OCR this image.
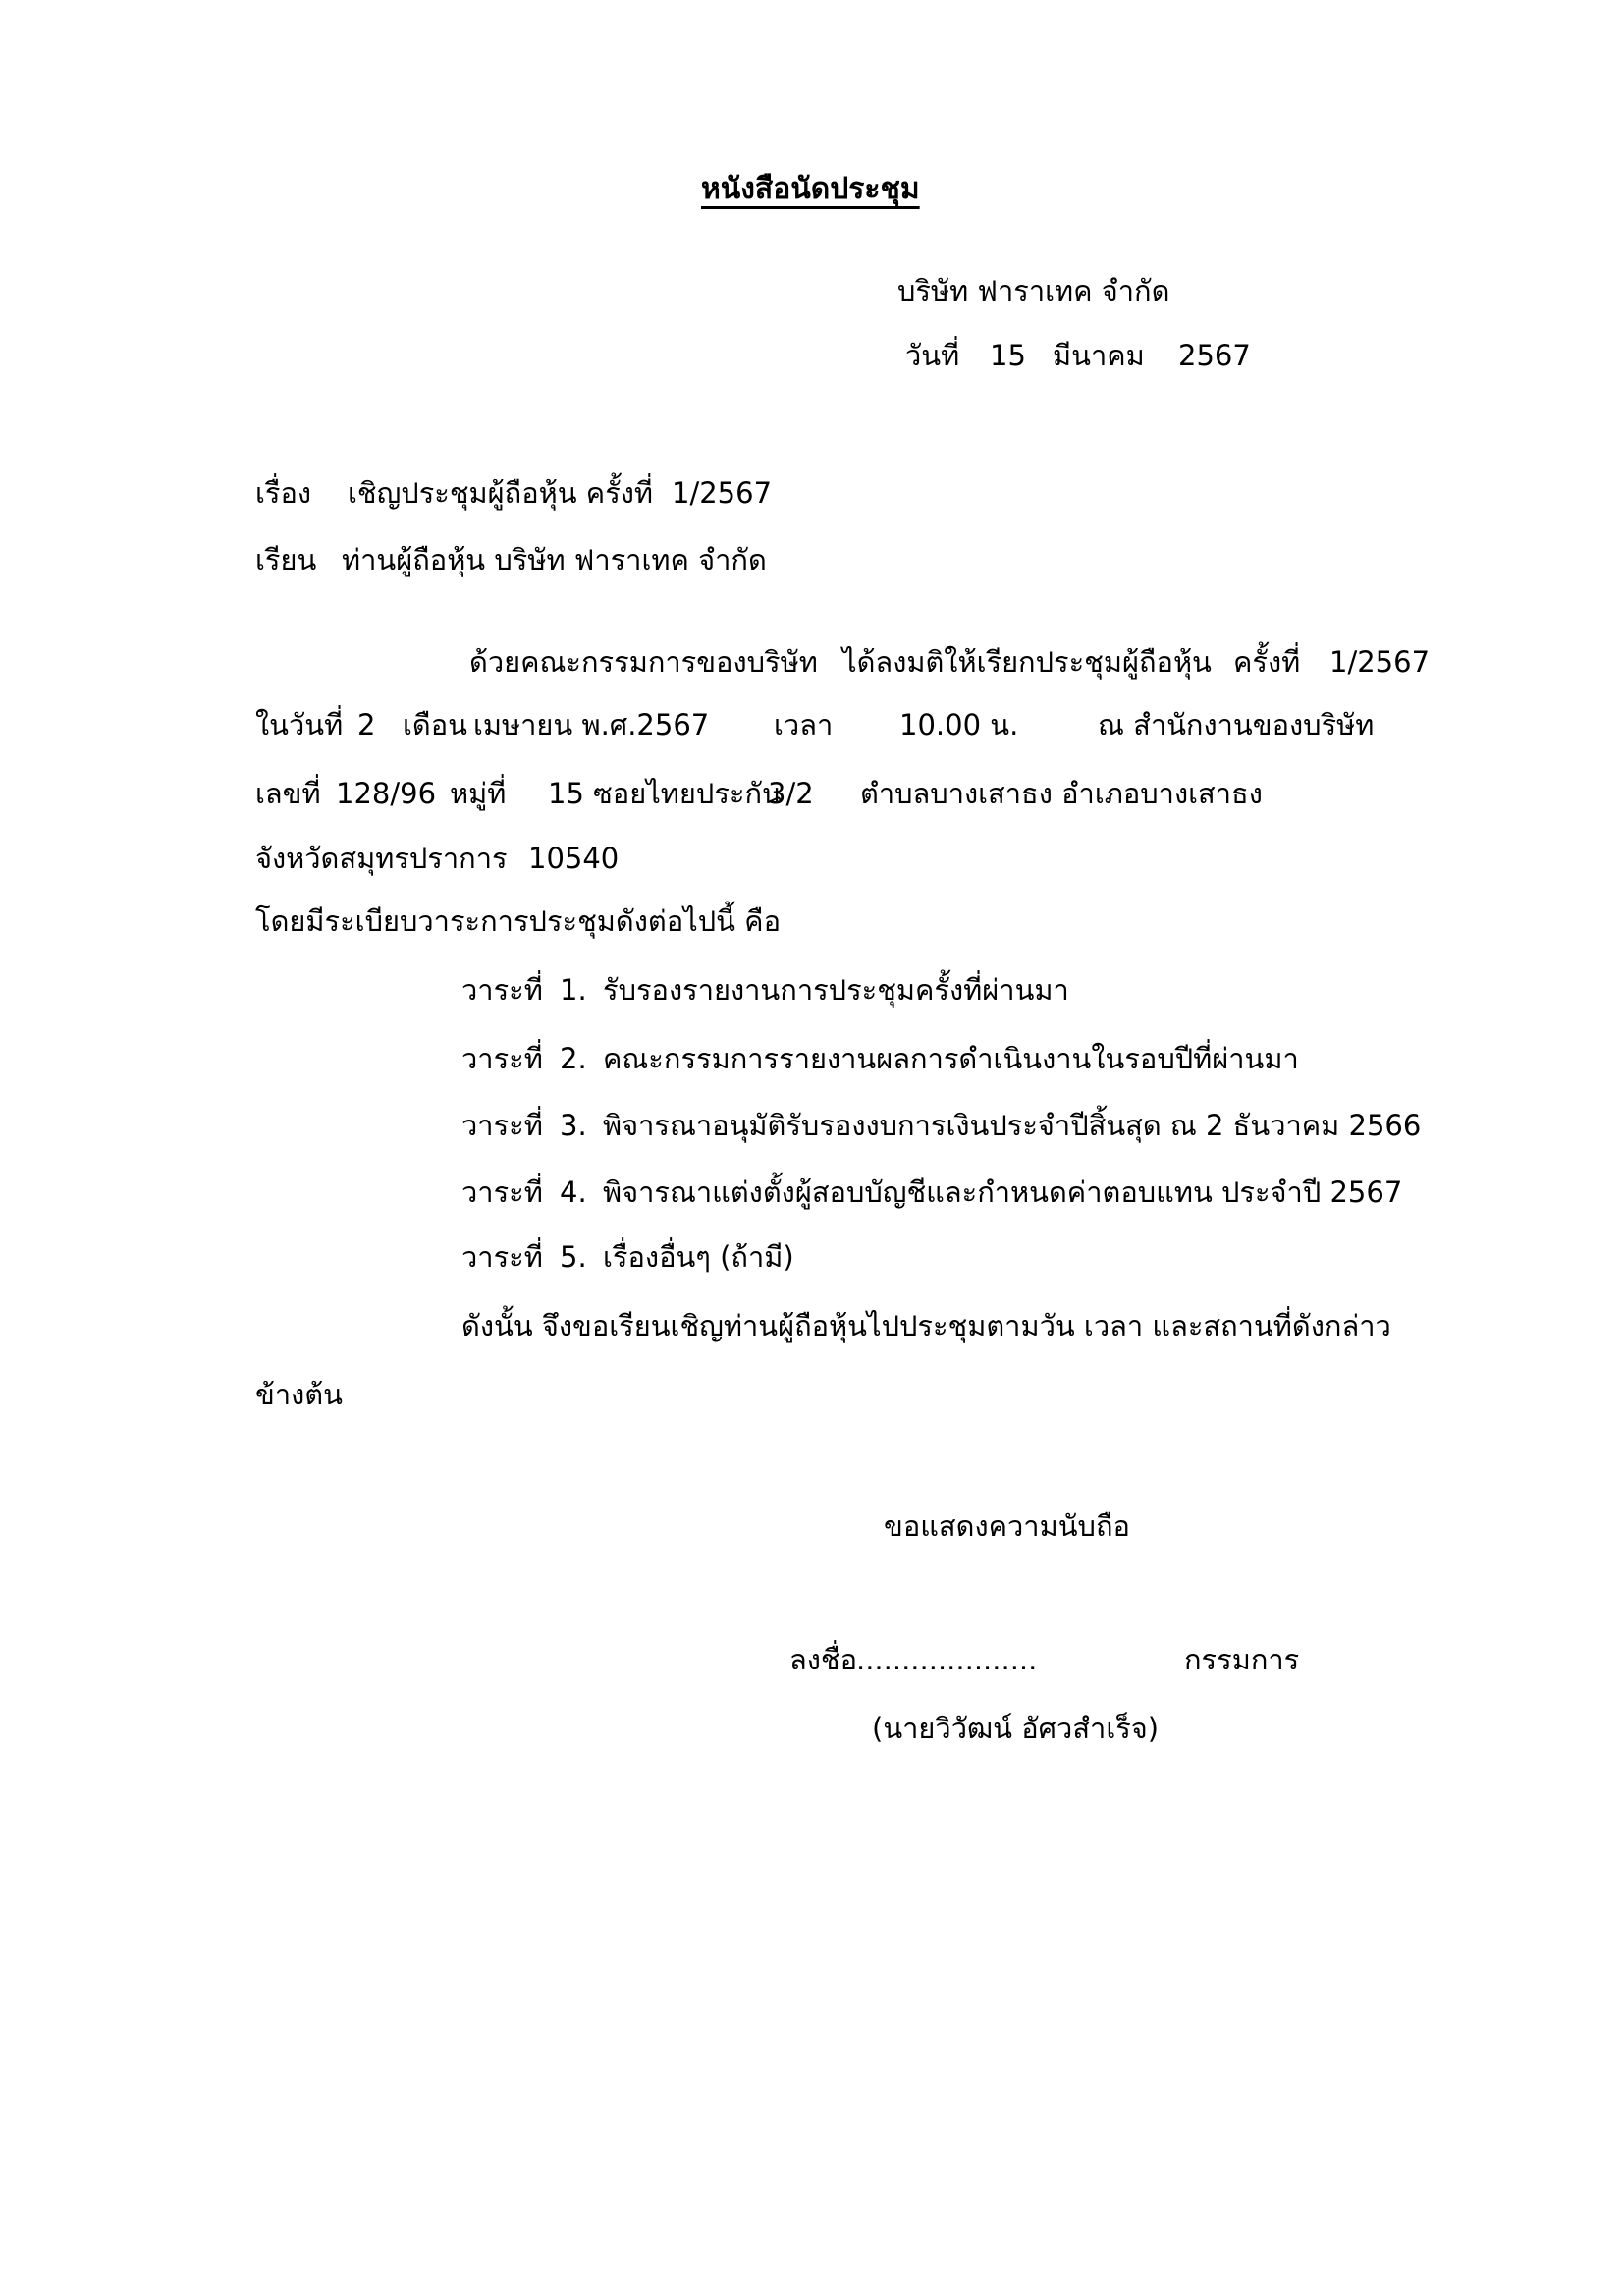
หนังสือนัดประชุม
บริษัท ฟาราเทค จำกัด
วันที่ 15 มีนาคม 2567
เรื่อง เชิญประชุมผู้ถือหุ้น ครั้งที่ 1/2567
เรียน ท่านผู้ถือหุ้น บริษัท ฟาราเทค จำกัด
ด้วยคณะกรรมการของบริษัท ได้ลงมติให้เรียกประชุมผู้ถือหุ้น ครั้งที่ 1/2567
ในวันที่ 2 เดือน เมษายน พ.ศ.2567 เวลา 10.00 น.	ณ สำนักงานของบริษัท
เลขที่ 128/96 หมู่ที่ 15 ซอยไทยประกัน
3/2 ตำบลบางเสาธง อำเภอบางเสาธง
จังหวัดสมุทรปราการ 10540
โดยมีระเบียบวาระการประชุมดังต่อไปนี้ คือ
วาระที่ 1. รับรองรายงานการประชุมครั้งที่ผ่านมา
วาระที่ 2. คณะกรรมการรายงานผลการดำเนินงานในรอบปีที่ผ่านมา
วาระที่ 3. พิจารณาอนุมัติรับรองงบการเงินประจำปีสิ้นสุด ณ 2 ธันวาคม 2566
วาระที่ 4. พิจารณาแต่งตั้งผู้สอบบัญชีและกำหนดค่าตอบแทน ประจำปี 2567
วาระที่ 5. เรื่องอื่นๆ (ถ้ามี)
ดังนั้น จึงขอเรียนเชิญท่านผู้ถือหุ้นไปประชุมตามวัน เวลา และสถานที่ดังกล่าว
ข้างต้น
ขอแสดงความนับถือ
ลงชื่อ
....................	กรรมการ
(นายวิวัฒน์ อัศวสำเร็จ)
